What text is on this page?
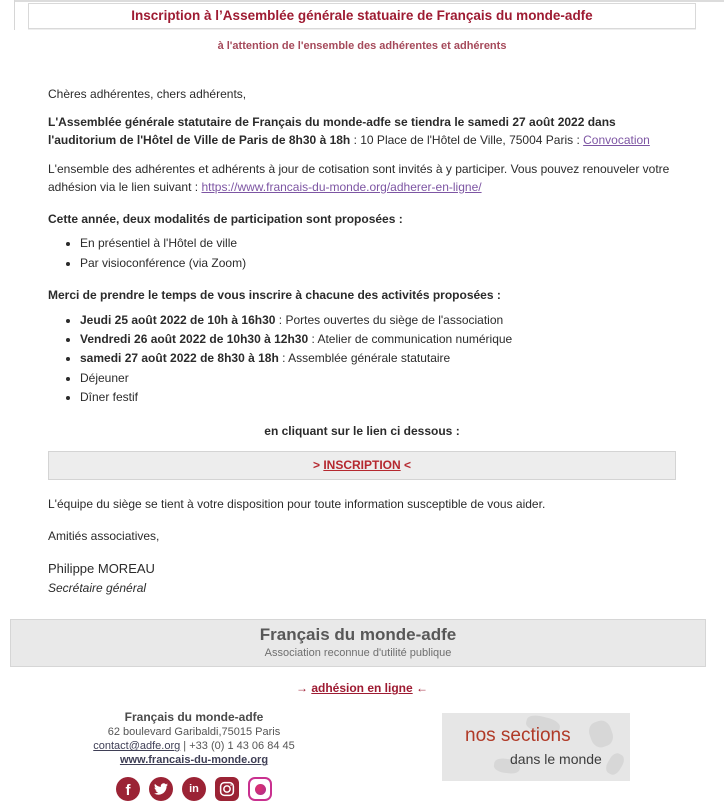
Inscription à l’Assemblée générale statuaire de Français du monde-adfe
à l'attention de l'ensemble des adhérentes et adhérents

Chères adhérentes, chers adhérents,

L'Assemblée générale statutaire de Français du monde-adfe se tiendra le samedi 27 août 2022 dans l'auditorium de l'Hôtel de Ville de Paris de 8h30 à 18h : 10 Place de l'Hôtel de Ville, 75004 Paris : Convocation

L'ensemble des adhérentes et adhérents à jour de cotisation sont invités à y participer. Vous pouvez renouveler votre adhésion via le lien suivant : https://www.francais-du-monde.org/adherer-en-ligne/

Cette année, deux modalités de participation sont proposées :

• En présentiel à l'Hôtel de ville
• Par visioconférence (via Zoom)

Merci de prendre le temps de vous inscrire à chacune des activités proposées :

• Jeudi 25 août 2022 de 10h à 16h30 : Portes ouvertes du siège de l'association
• Vendredi 26 août 2022 de 10h30 à 12h30 : Atelier de communication numérique
• samedi 27 août 2022 de 8h30 à 18h : Assemblée générale statutaire
• Déjeuner
• Dîner festif

en cliquant sur le lien ci dessous :

> INSCRIPTION <

L'équipe du siège se tient à votre disposition pour toute information susceptible de vous aider.

Amitiés associatives,

Philippe MOREAU

Secrétaire général

Français du monde-adfe
Association reconnue d'utilité publique
→ adhésion en ligne ←
Français du monde-adfe
62 boulevard Garibaldi,75015 Paris
contact@adfe.org | +33 (0) 1 43 06 84 45
www.francais-du-monde.org
f	in
nos sections
dans le monde
